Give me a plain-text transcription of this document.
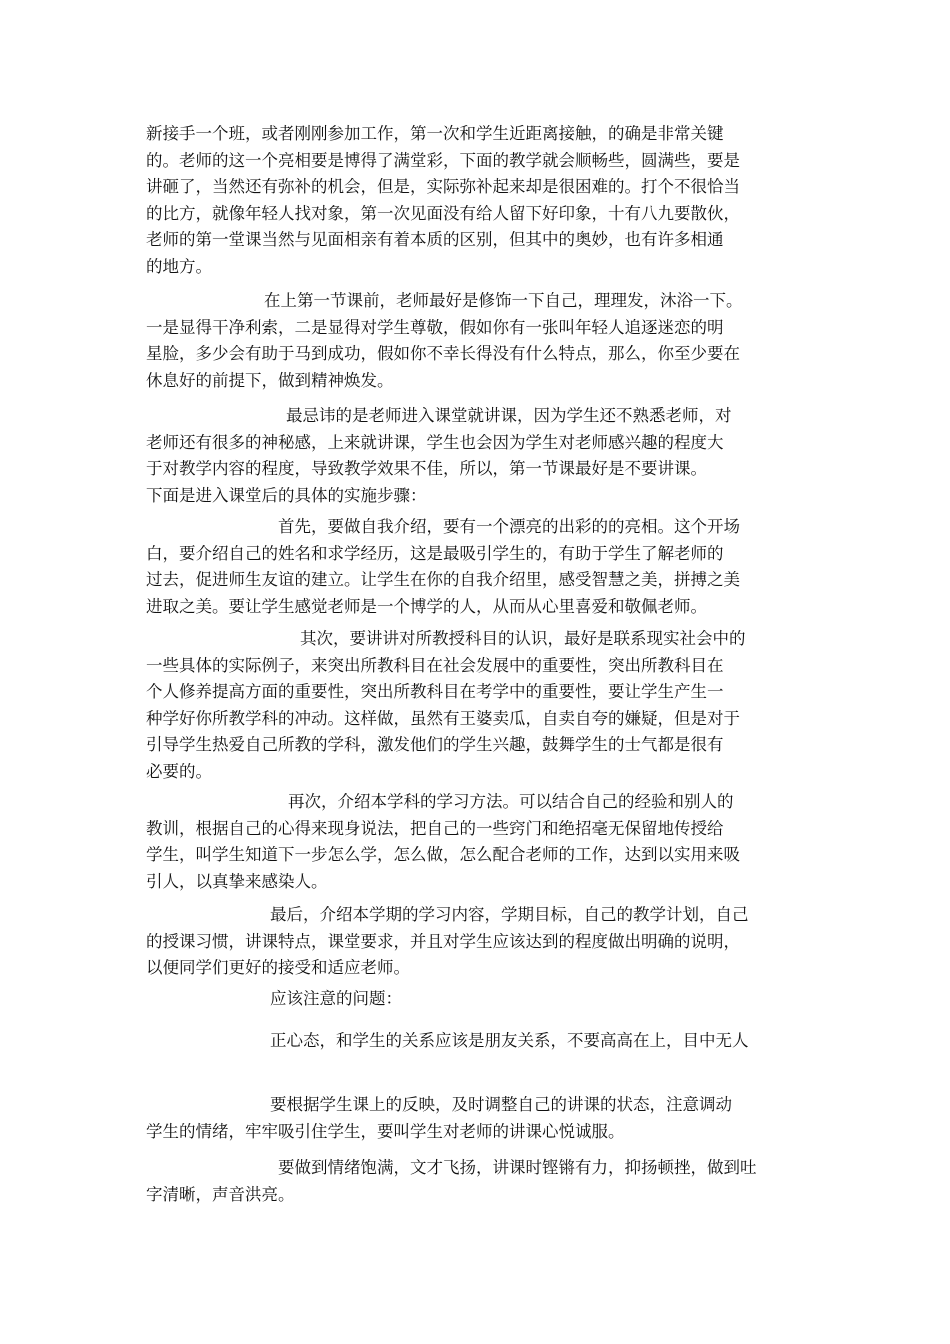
新接手一个班，或者刚刚参加工作，第一次和学生近距离接触，的确是非常关键
的。老师的这一个亮相要是博得了满堂彩，下面的教学就会顺畅些，圆满些，要是
讲砸了，当然还有弥补的机会，但是，实际弥补起来却是很困难的。打个不很恰当
的比方，就像年轻人找对象，第一次见面没有给人留下好印象，十有八九要散伙，
老师的第一堂课当然与见面相亲有着本质的区别，但其中的奥妙，也有许多相通
的地方。

在上第一节课前，老师最好是修饰一下自己，理理发，沐浴一下。
一是显得干净利索，二是显得对学生尊敬，假如你有一张叫年轻人追逐迷恋的明
星脸，多少会有助于马到成功，假如你不幸长得没有什么特点，那么，你至少要在
休息好的前提下，做到精神焕发。

最忌讳的是老师进入课堂就讲课，因为学生还不熟悉老师，对
老师还有很多的神秘感，上来就讲课，学生也会因为学生对老师感兴趣的程度大
于对教学内容的程度，导致教学效果不佳，所以，第一节课最好是不要讲课。
下面是进入课堂后的具体的实施步骤：

首先，要做自我介绍，要有一个漂亮的出彩的的亮相。这个开场
白，要介绍自己的姓名和求学经历，这是最吸引学生的，有助于学生了解老师的
过去，促进师生友谊的建立。让学生在你的自我介绍里，感受智慧之美，拼搏之美
进取之美。要让学生感觉老师是一个博学的人，从而从心里喜爱和敬佩老师。

其次，要讲讲对所教授科目的认识，最好是联系现实社会中的
一些具体的实际例子，来突出所教科目在社会发展中的重要性，突出所教科目在
个人修养提高方面的重要性，突出所教科目在考学中的重要性，要让学生产生一
种学好你所教学科的冲动。这样做，虽然有王婆卖瓜，自卖自夸的嫌疑，但是对于
引导学生热爱自己所教的学科，激发他们的学生兴趣，鼓舞学生的士气都是很有
必要的。

再次，介绍本学科的学习方法。可以结合自己的经验和别人的
教训，根据自己的心得来现身说法，把自己的一些窍门和绝招毫无保留地传授给
学生，叫学生知道下一步怎么学，怎么做，怎么配合老师的工作，达到以实用来吸
引人，以真挚来感染人。

最后，介绍本学期的学习内容，学期目标，自己的教学计划，自己
的授课习惯，讲课特点，课堂要求，并且对学生应该达到的程度做出明确的说明，
以便同学们更好的接受和适应老师。

应该注意的问题：

正心态，和学生的关系应该是朋友关系，不要高高在上，目中无人

要根据学生课上的反映，及时调整自己的讲课的状态，注意调动
学生的情绪，牢牢吸引住学生，要叫学生对老师的讲课心悦诚服。

要做到情绪饱满，文才飞扬，讲课时铿锵有力，抑扬顿挫，做到吐
字清晰，声音洪亮。
